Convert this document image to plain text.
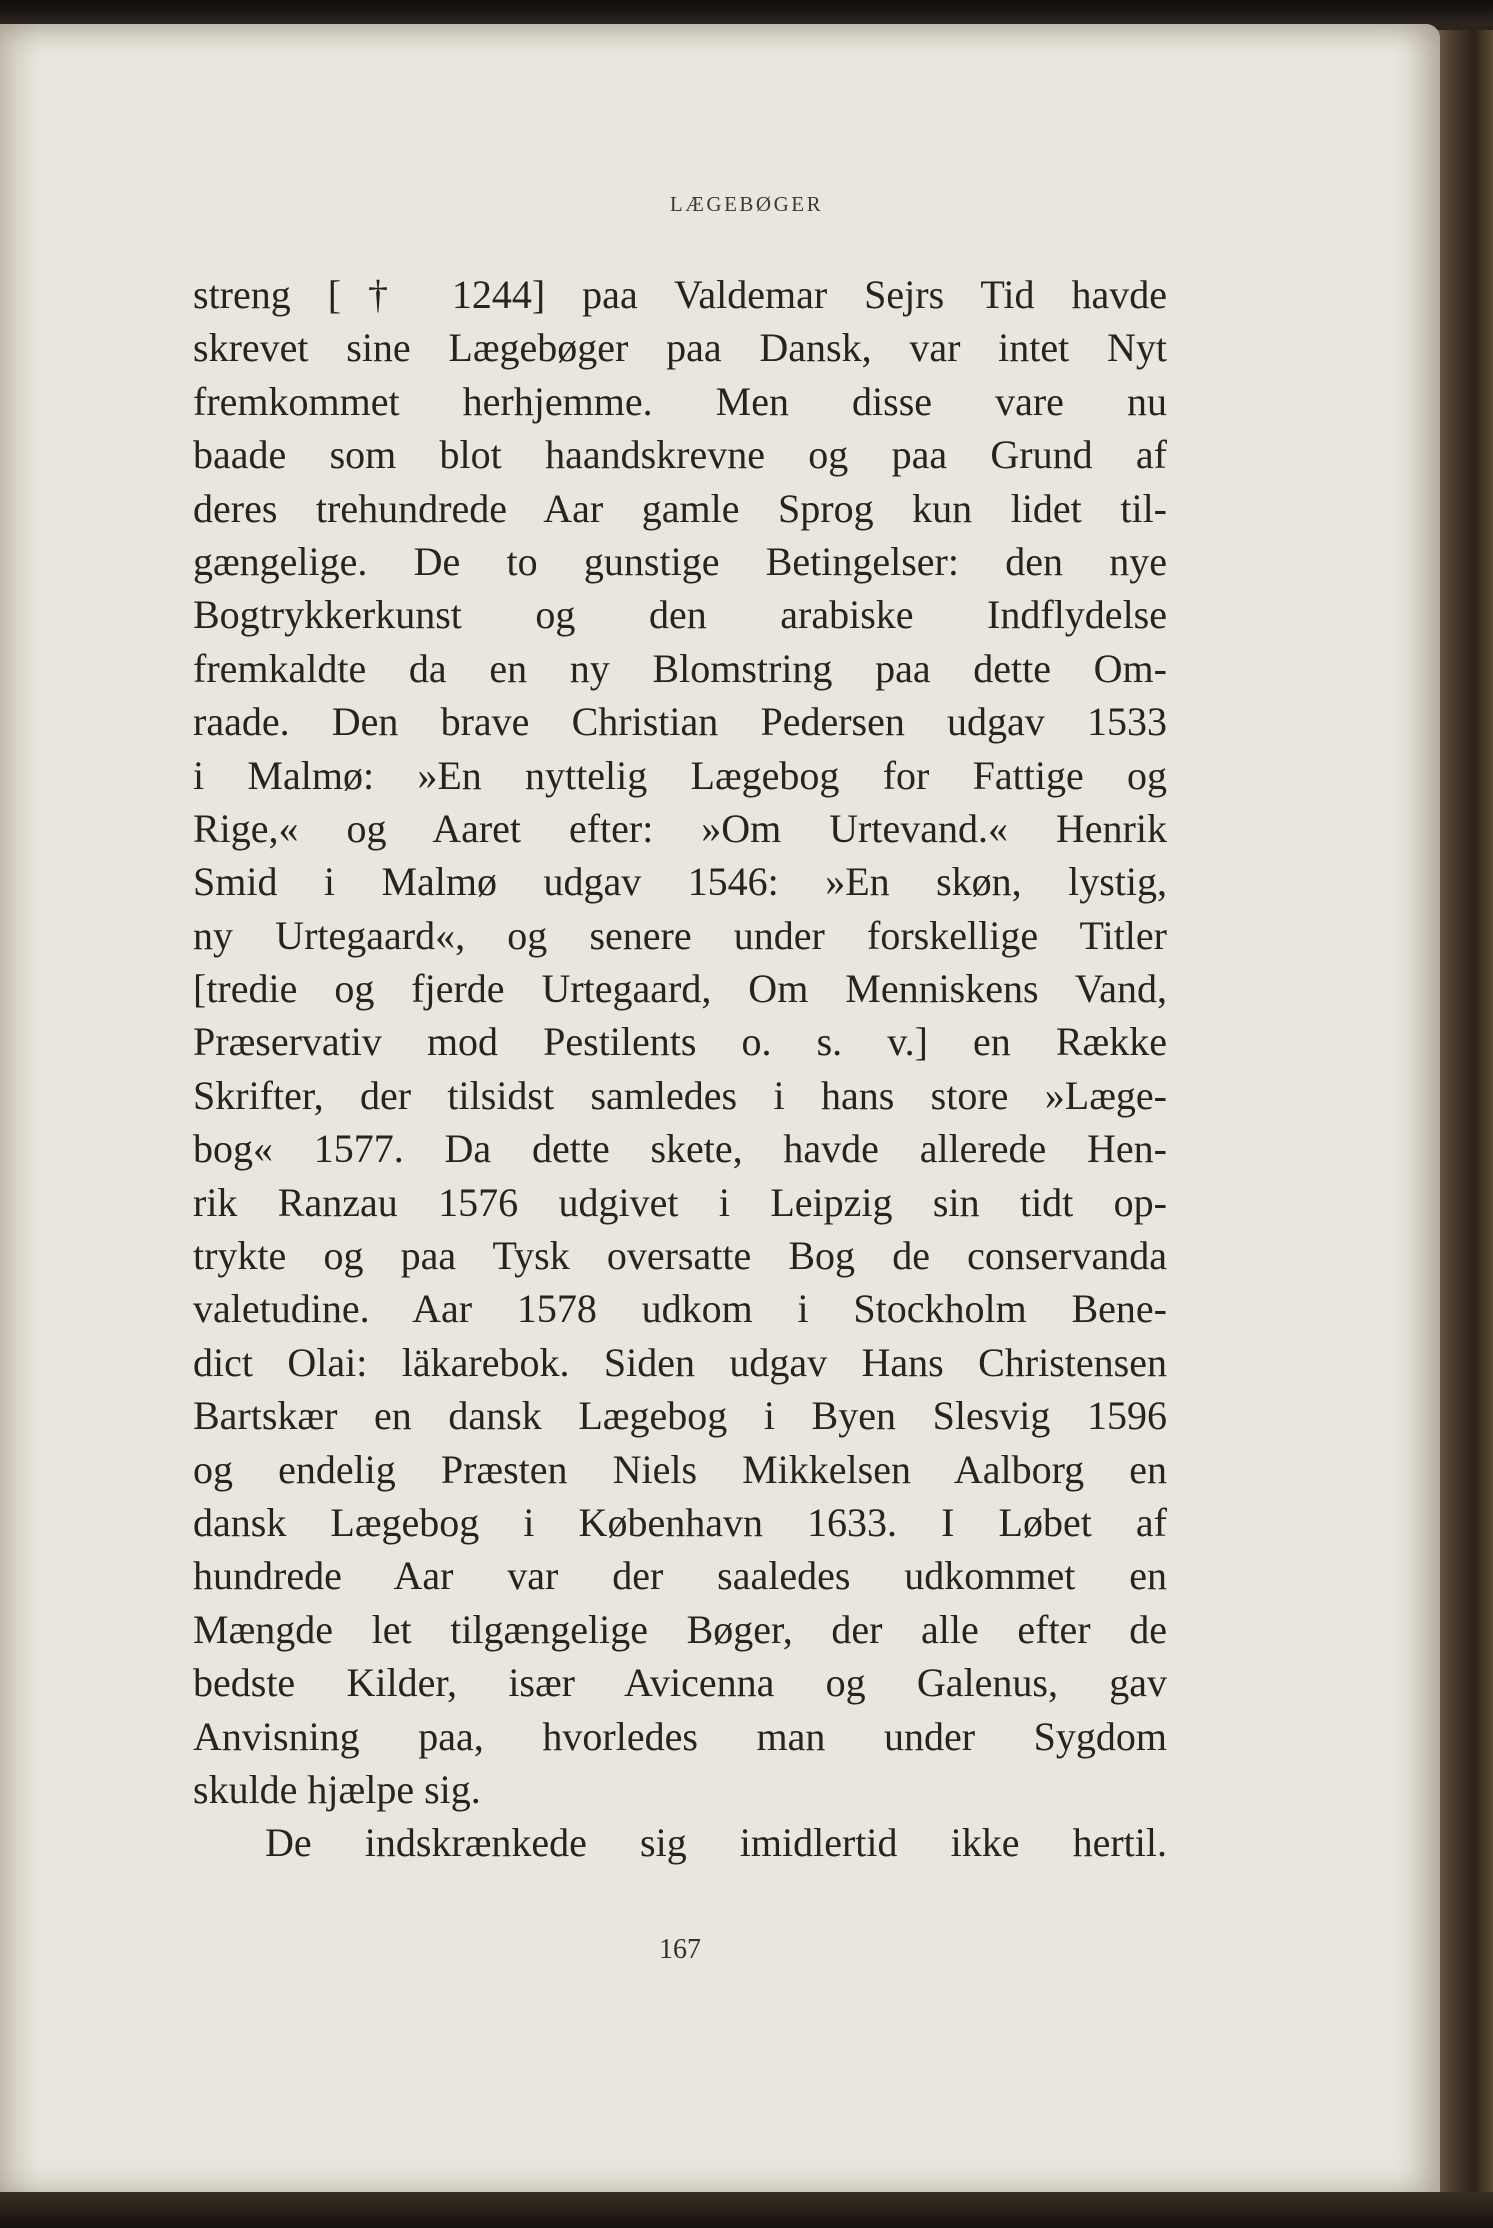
LÆGEBØGER
streng [† 1244] paa Valdemar Sejrs Tid havde
skrevet sine Lægebøger paa Dansk, var intet Nyt
fremkommet herhjemme. Men disse vare nu
baade som blot haandskrevne og paa Grund af
deres trehundrede Aar gamle Sprog kun lidet til-
gængelige. De to gunstige Betingelser: den nye
Bogtrykkerkunst og den arabiske Indflydelse
fremkaldte da en ny Blomstring paa dette Om-
raade. Den brave Christian Pedersen udgav 1533
i Malmø: »En nyttelig Lægebog for Fattige og
Rige,« og Aaret efter: »Om Urtevand.« Henrik
Smid i Malmø udgav 1546: »En skøn, lystig,
ny Urtegaard«, og senere under forskellige Titler
[tredie og fjerde Urtegaard, Om Menniskens Vand,
Præservativ mod Pestilents o. s. v.] en Række
Skrifter, der tilsidst samledes i hans store »Læge-
bog« 1577. Da dette skete, havde allerede Hen-
rik Ranzau 1576 udgivet i Leipzig sin tidt op-
trykte og paa Tysk oversatte Bog de conservanda
valetudine. Aar 1578 udkom i Stockholm Bene-
dict Olai: läkarebok. Siden udgav Hans Christensen
Bartskær en dansk Lægebog i Byen Slesvig 1596
og endelig Præsten Niels Mikkelsen Aalborg en
dansk Lægebog i København 1633. I Løbet af
hundrede Aar var der saaledes udkommet en
Mængde let tilgængelige Bøger, der alle efter de
bedste Kilder, især Avicenna og Galenus, gav
Anvisning paa, hvorledes man under Sygdom
skulde hjælpe sig.
De indskrænkede sig imidlertid ikke hertil.
167
